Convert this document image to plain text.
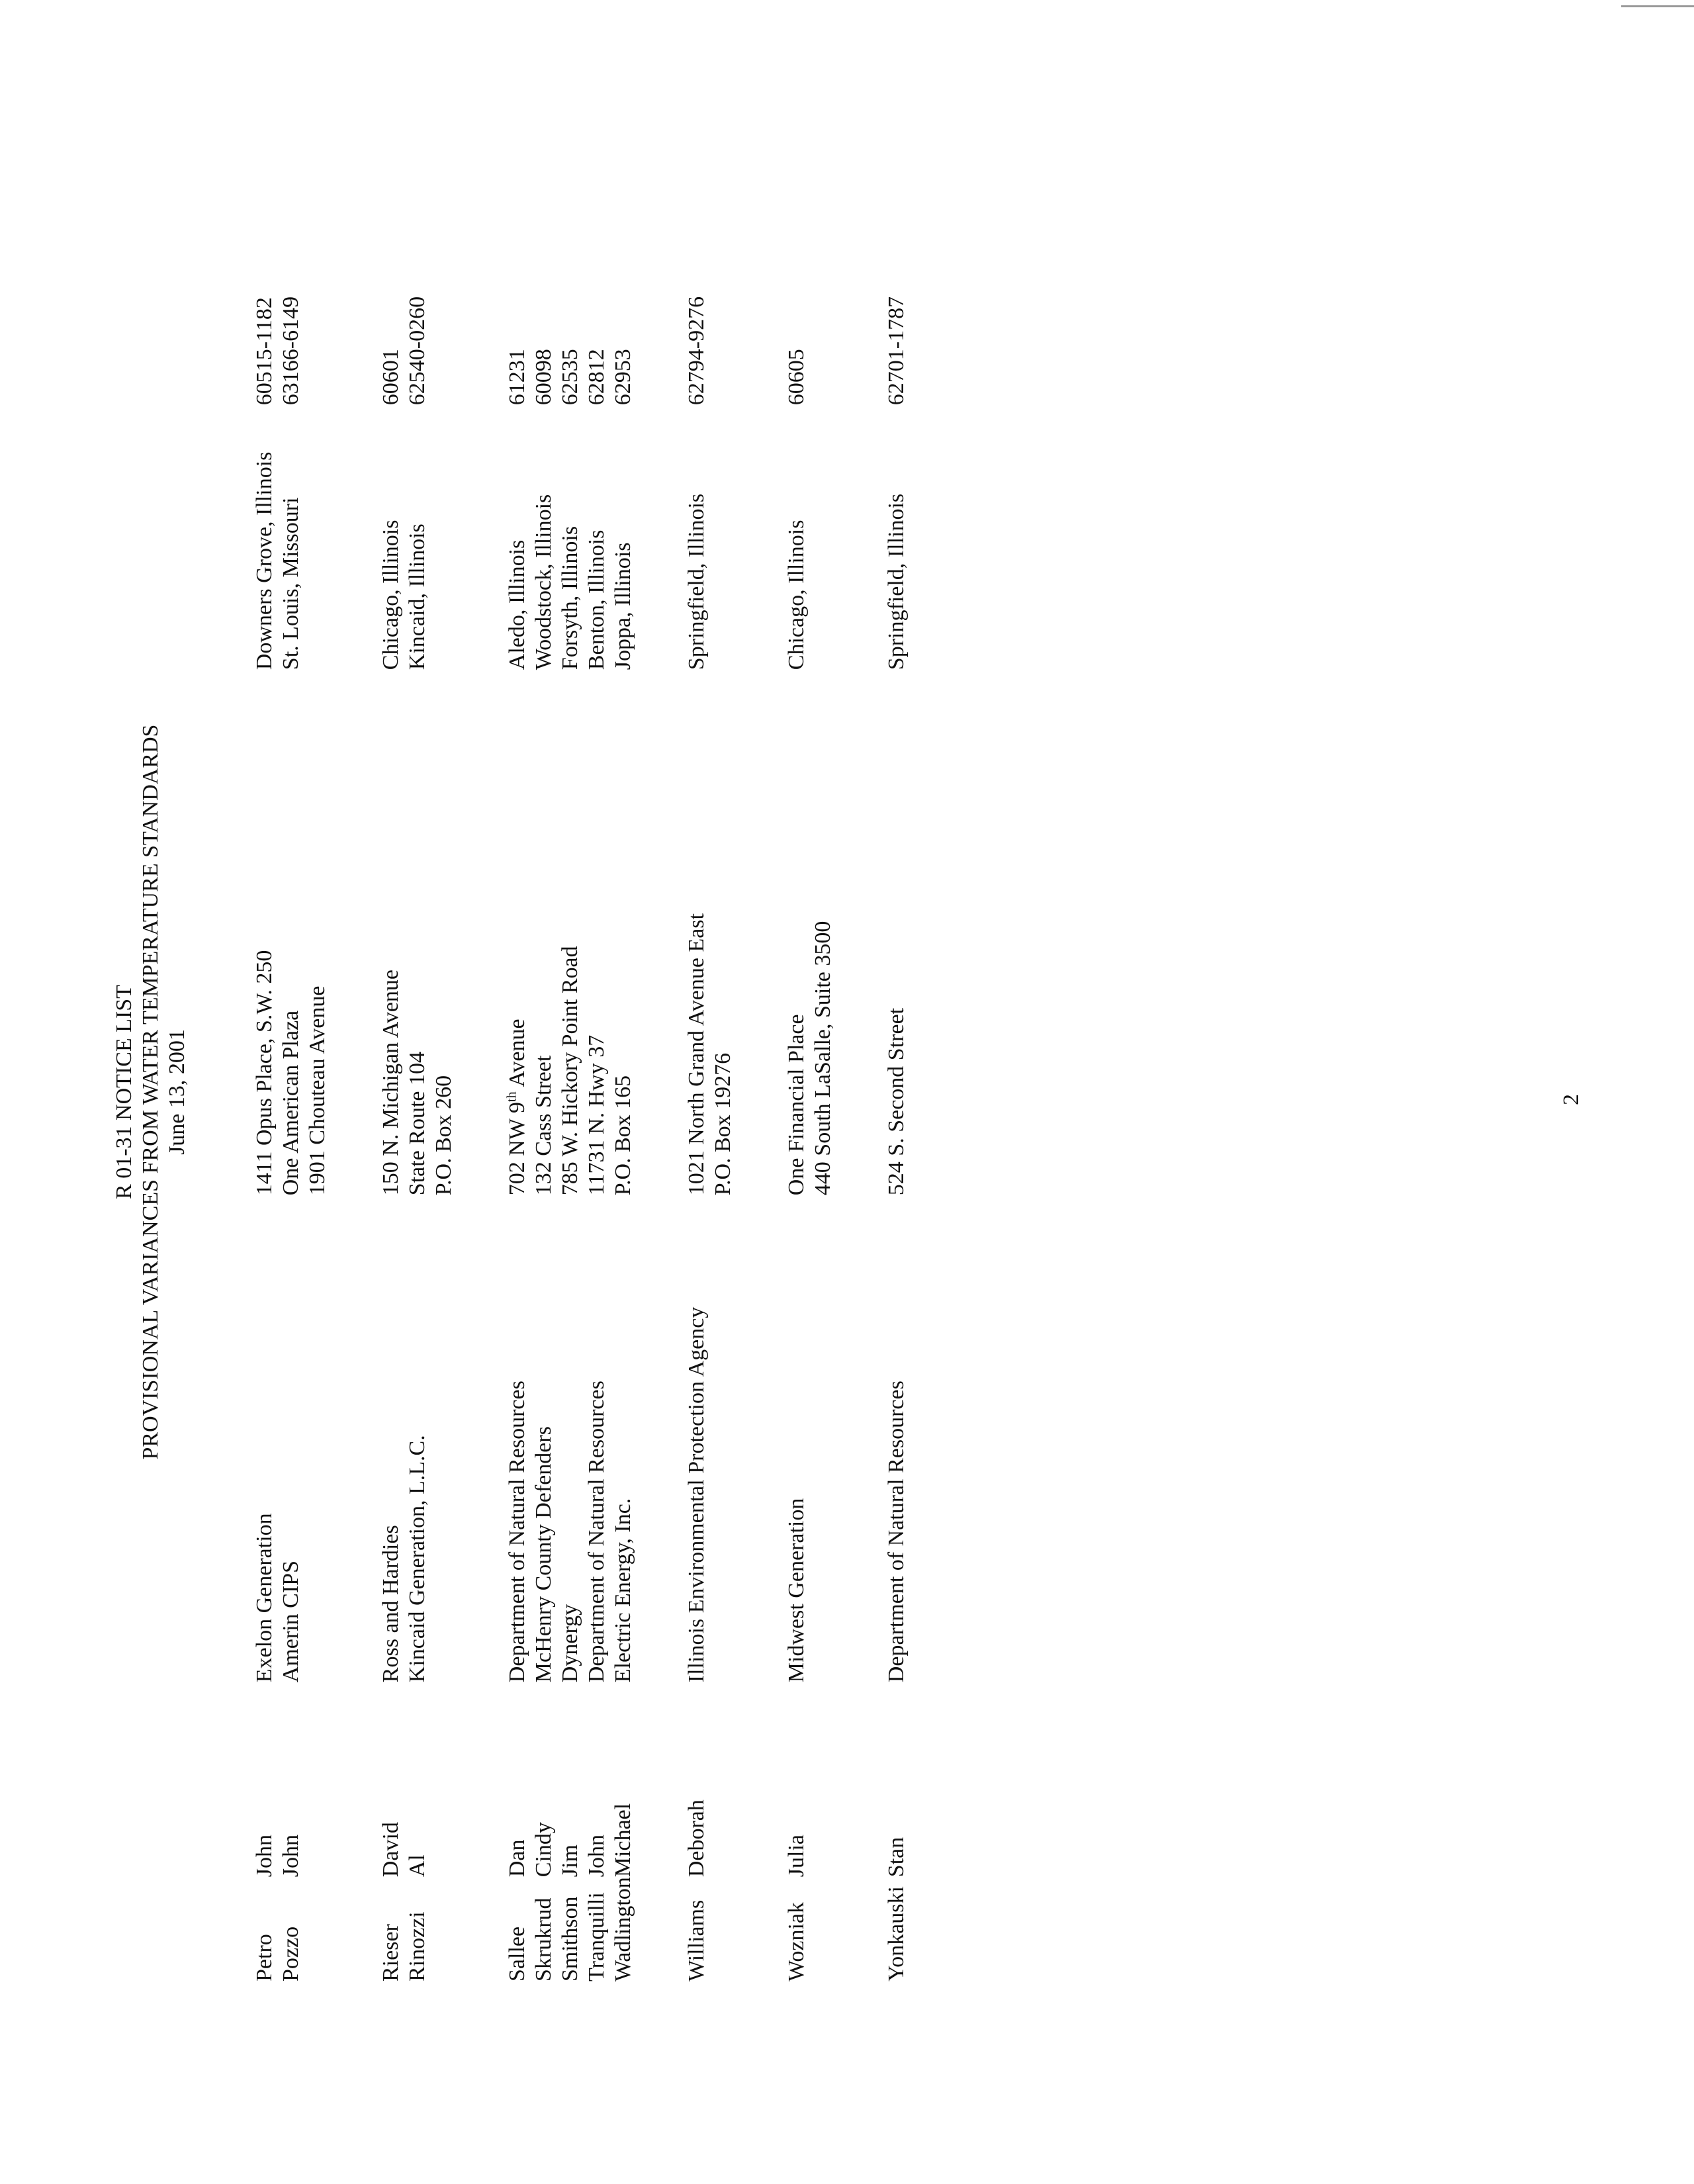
R 01-31 NOTICE LIST PROVISIONAL VARIANCES FROM WATER TEMPERATURE STANDARDS June 13, 2001
Petro	John	Exelon Generation	1411 Opus Place, S.W. 250	Downers Grove, Illinois	60515-1182
Pozzo	John	Amerin CIPS	One American Plaza 1901 Chouteau Avenue	St. Louis, Missouri	63166-6149

Rieser	David	Ross and Hardies	150 N. Michigan Avenue	Chicago, Illinois	60601
Rinozzi	Al	Kincaid Generation, L.L.C.	State Route 104 P.O. Box 260	Kincaid, Illinois	62540-0260

Sallee	Dan	Department of Natural Resources	702 NW 9th Avenue	Aledo, Illinois	61231
Skrukrud	Cindy	McHenry County Defenders	132 Cass Street	Woodstock, Illinois	60098
Smithson	Jim	Dynergy	785 W. Hickory Point Road	Forsyth, Illinois	62535
Tranquilli	John	Department of Natural Resources	11731 N. Hwy 37	Benton, Illinois	62812
Wadlington	Michael	Electric Energy, Inc.	P.O. Box 165	Joppa, Illinois	62953

Williams	Deborah	Illinois Environmental Protection Agency	1021 North Grand Avenue East P.O. Box 19276	Springfield, Illinois	62794-9276

Wozniak	Julia	Midwest Generation	One Financial Place 440 South LaSalle, Suite 3500	Chicago, Illinois	60605

Yonkauski	Stan	Department of Natural Resources	524 S. Second Street	Springfield, Illinois	62701-1787
2
